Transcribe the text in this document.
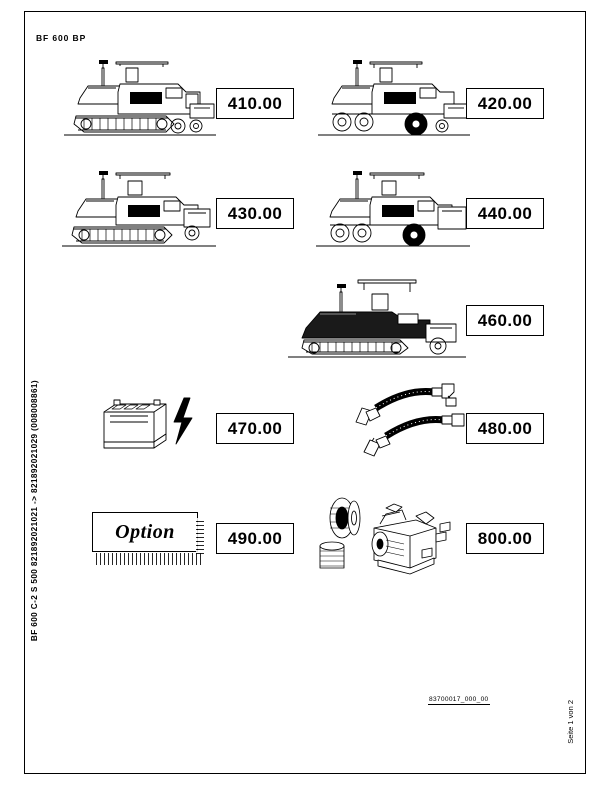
BF 600 BP
BF 600 C-2 S 500 821892021021 -> 821892021029 (008008861)
Seite 1 von 2
83700017_000_00
410.00	420.00
430.00	440.00
460.00
470.00	480.00
Option	490.00	800.00
